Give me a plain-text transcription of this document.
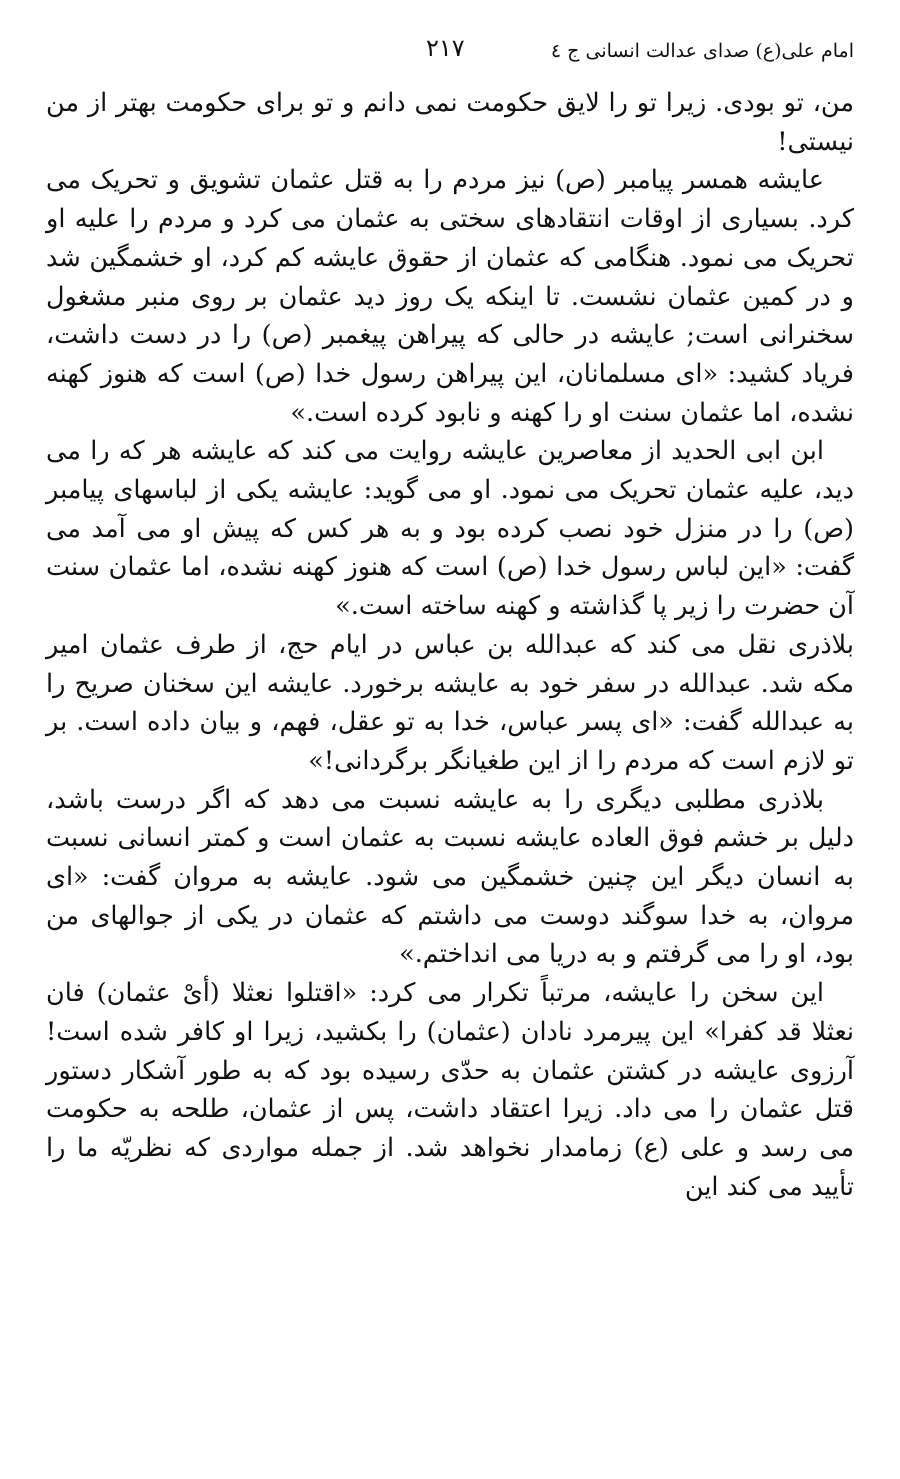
امام علی(ع) صدای عدالت انسانی ج ٤
٢١٧

من، تو بودی. زیرا تو را لایق حکومت نمی دانم و تو برای حکومت بهتر از من نیستی!

عایشه همسر پیامبر (ص) نیز مردم را به قتل عثمان تشویق و تحریک می کرد. بسیاری از اوقات انتقادهای سختی به عثمان می کرد و مردم را علیه او تحریک می نمود. هنگامی که عثمان از حقوق عایشه کم کرد، او خشمگین شد و در کمین عثمان نشست. تا اینکه یک روز دید عثمان بر روی منبر مشغول سخنرانی است; عایشه در حالی که پیراهن پیغمبر (ص) را در دست داشت، فریاد کشید: «ای مسلمانان، این پیراهن رسول خدا (ص) است که هنوز کهنه نشده، اما عثمان سنت او را کهنه و نابود کرده است.»

ابن ابی الحدید از معاصرین عایشه روایت می کند که عایشه هر که را می دید، علیه عثمان تحریک می نمود. او می گوید: عایشه یکی از لباسهای پیامبر (ص) را در منزل خود نصب کرده بود و به هر کس که پیش او می آمد می گفت: «این لباس رسول خدا (ص) است که هنوز کهنه نشده، اما عثمان سنت آن حضرت را زیر پا گذاشته و کهنه ساخته است.»

بلاذری نقل می کند که عبدالله بن عباس در ایام حج، از طرف عثمان امیر مکه شد. عبدالله در سفر خود به عایشه برخورد. عایشه این سخنان صریح را به عبدالله گفت: «ای پسر عباس، خدا به تو عقل، فهم، و بیان داده است. بر تو لازم است که مردم را از این طغیانگر برگردانی!»

بلاذری مطلبی دیگری را به عایشه نسبت می دهد که اگر درست باشد، دلیل بر خشم فوق العاده عایشه نسبت به عثمان است و کمتر انسانی نسبت به انسان دیگر این چنین خشمگین می شود. عایشه به مروان گفت: «ای مروان، به خدا سوگند دوست می داشتم که عثمان در یکی از جوالهای من بود، او را می گرفتم و به دریا می انداختم.»

این سخن را عایشه، مرتباً تکرار می کرد: «اقتلوا نعثلا (أیْ عثمان) فان نعثلا قد کفرا» این پیرمرد نادان (عثمان) را بکشید، زیرا او کافر شده است! آرزوی عایشه در کشتن عثمان به حدّی رسیده بود که به طور آشکار دستور قتل عثمان را می داد. زیرا اعتقاد داشت، پس از عثمان، طلحه به حکومت می رسد و علی (ع) زمامدار نخواهد شد. از جمله مواردی که نظریّه ما را تأیید می کند این
